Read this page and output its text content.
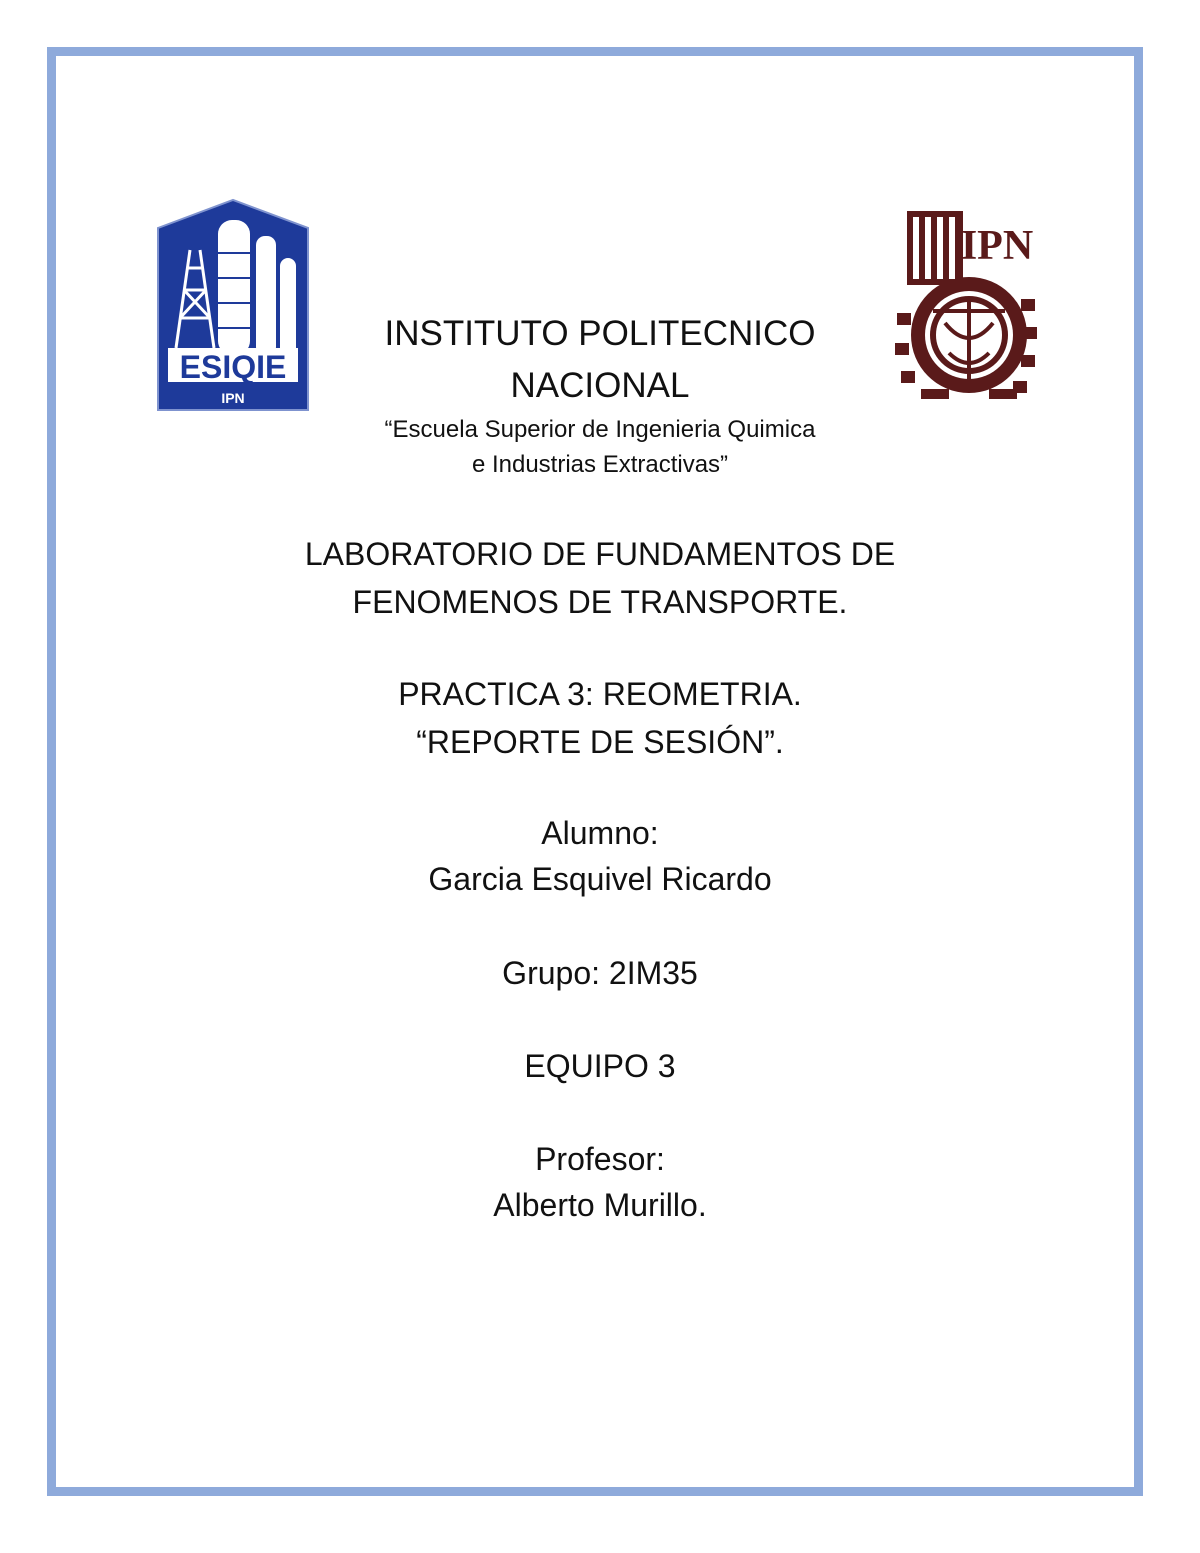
ESIQIE
IPN
IPN
INSTITUTO POLITECNICO
NACIONAL
“Escuela Superior de Ingenieria Quimica
e Industrias Extractivas”
LABORATORIO DE FUNDAMENTOS DE
FENOMENOS DE TRANSPORTE.
PRACTICA 3: REOMETRIA.
“REPORTE DE SESIÓN”.
Alumno:
Garcia Esquivel Ricardo
Grupo: 2IM35
EQUIPO 3
Profesor:
Alberto Murillo.
